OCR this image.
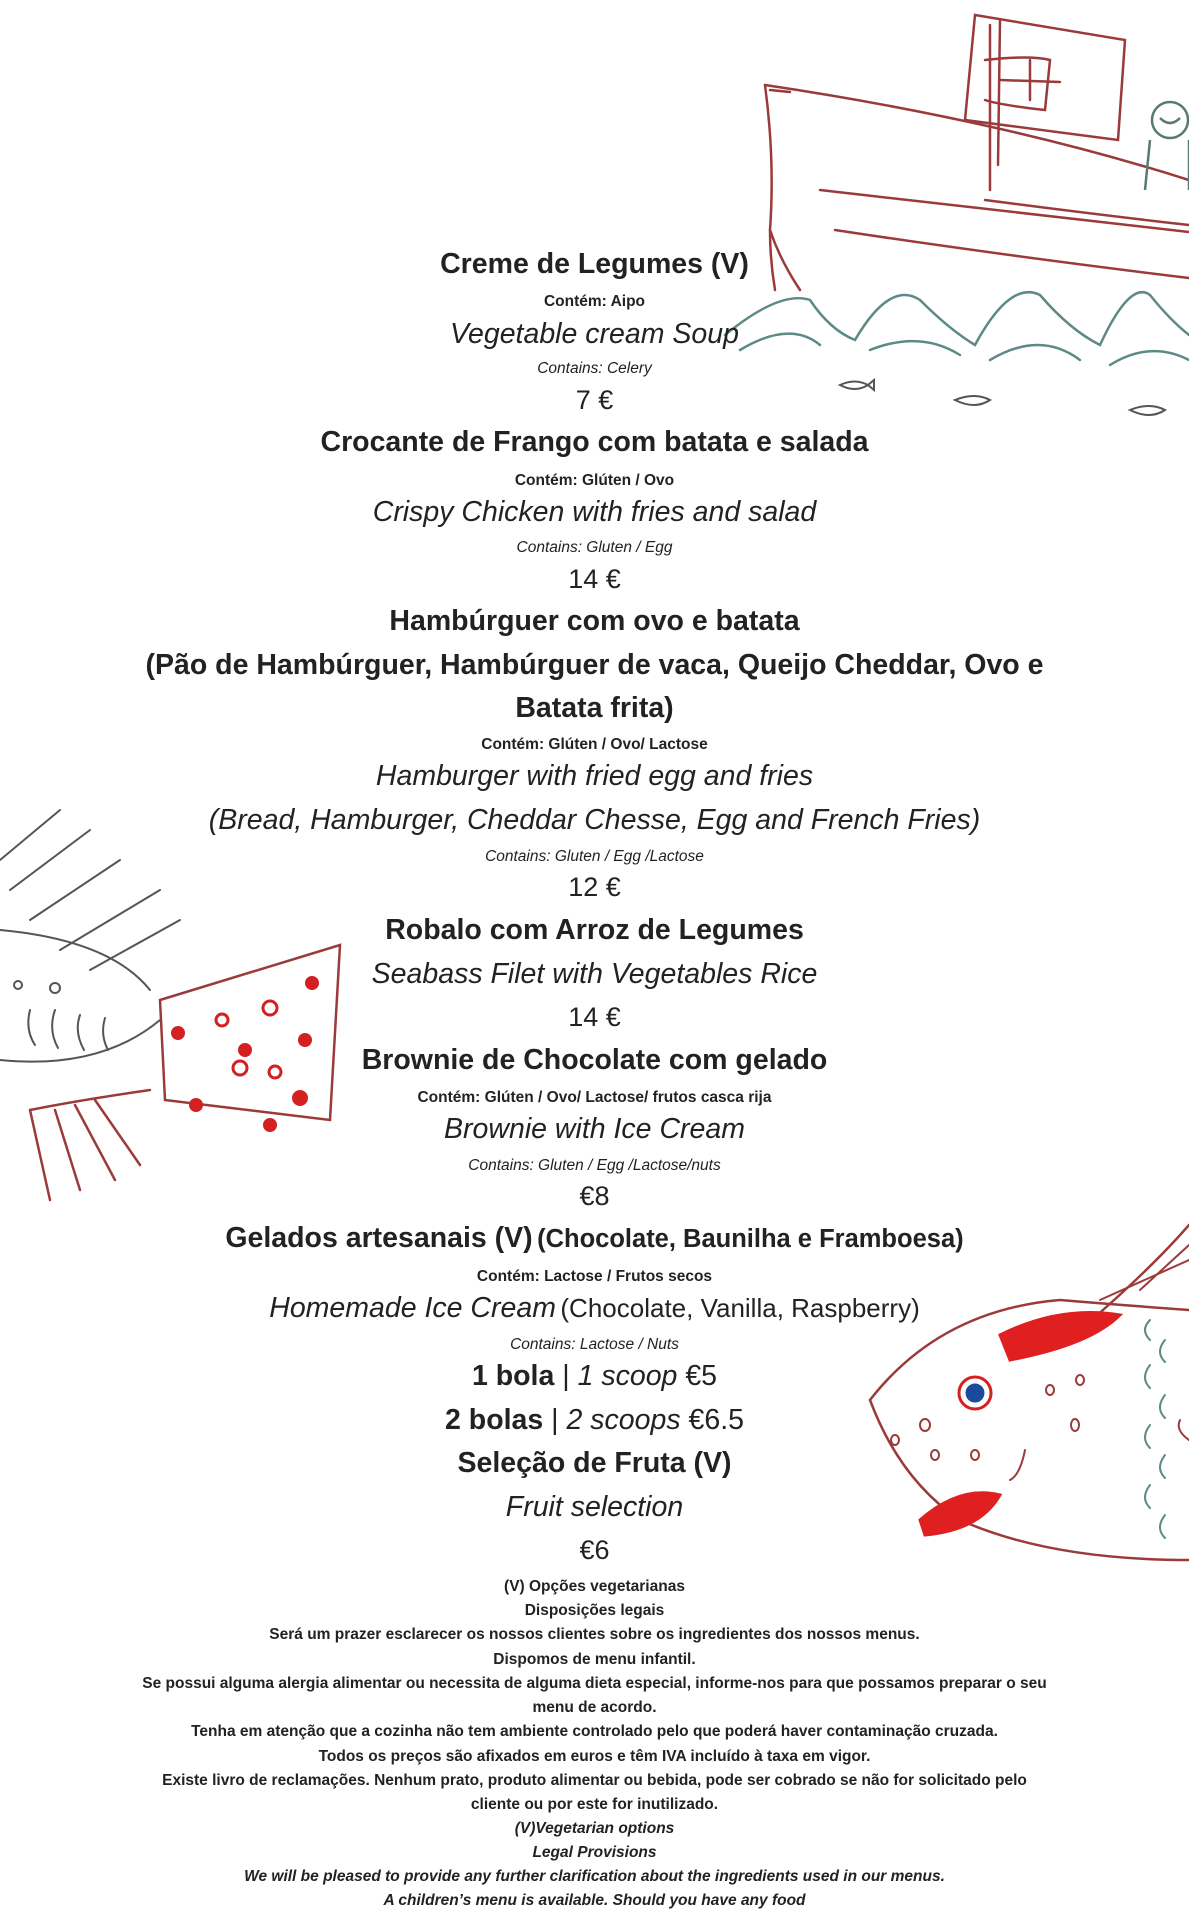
Creme de Legumes (V)
Contém: Aipo
Vegetable cream Soup
Contains: Celery
7 €
Crocante de Frango com batata e salada
Contém: Glúten / Ovo
Crispy Chicken with fries and salad
Contains: Gluten / Egg
14 €
Hambúrguer com ovo e batata
(Pão de Hambúrguer, Hambúrguer de vaca, Queijo Cheddar, Ovo e
Batata frita)
Contém: Glúten / Ovo/ Lactose
Hamburger with fried egg and fries
(Bread, Hamburger, Cheddar Chesse, Egg and French Fries)
Contains: Gluten / Egg /Lactose
12 €
Robalo com Arroz de Legumes
Seabass Filet with Vegetables Rice
14 €
Brownie de Chocolate com gelado
Contém: Glúten / Ovo/ Lactose/ frutos casca rija
Brownie with Ice Cream
Contains: Gluten / Egg /Lactose/nuts
€8
Gelados artesanais (V) (Chocolate, Baunilha e Framboesa)
Contém: Lactose / Frutos secos
Homemade Ice Cream (Chocolate, Vanilla, Raspberry)
Contains: Lactose / Nuts
1 bola | 1 scoop €5
2 bolas | 2 scoops €6.5
Seleção de Fruta (V)
Fruit selection
€6
(V) Opções vegetarianas
Disposições legais
Será um prazer esclarecer os nossos clientes sobre os ingredientes dos nossos menus.
Dispomos de menu infantil.
Se possui alguma alergia alimentar ou necessita de alguma dieta especial, informe-nos para que possamos preparar o seu
menu de acordo.
Tenha em atenção que a cozinha não tem ambiente controlado pelo que poderá haver contaminação cruzada.
Todos os preços são afixados em euros e têm IVA incluído à taxa em vigor.
Existe livro de reclamações. Nenhum prato, produto alimentar ou bebida, pode ser cobrado se não for solicitado pelo
cliente ou por este for inutilizado.
(V)Vegetarian options
Legal Provisions
We will be pleased to provide any further clarification about the ingredients used in our menus.
A children’s menu is available. Should you have any food
